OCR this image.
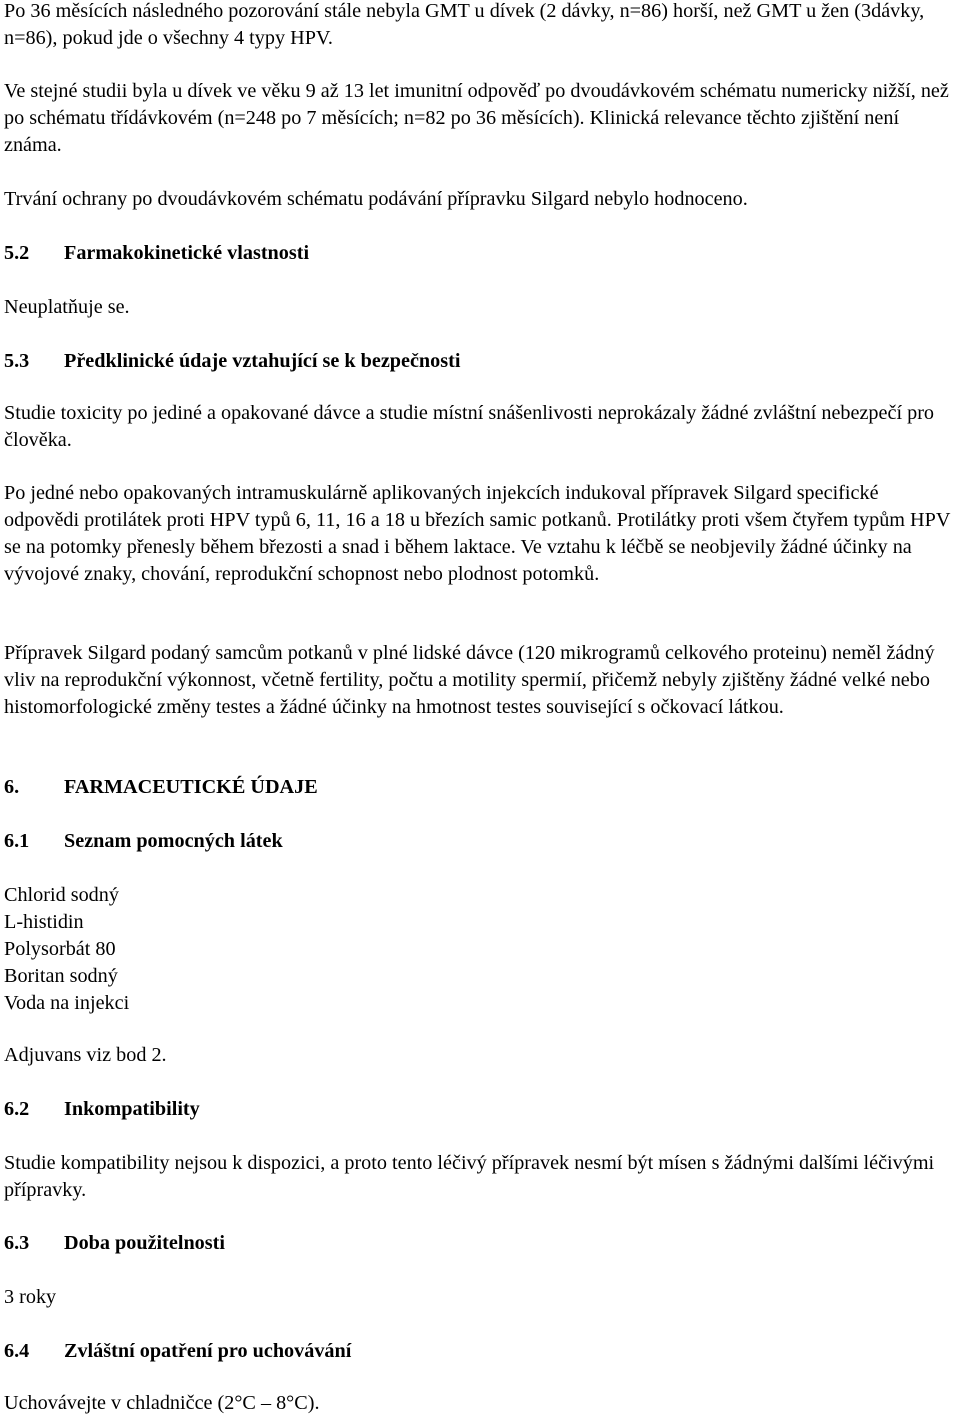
Po 36 měsících následného pozorování stále nebyla GMT u dívek (2 dávky, n=86) horší, než GMT u žen (3dávky, n=86), pokud jde o všechny 4 typy HPV.

Ve stejné studii byla u dívek ve věku 9 až 13 let imunitní odpověď po dvoudávkovém schématu numericky nižší, než po schématu třídávkovém (n=248 po 7 měsících; n=82 po 36 měsících). Klinická relevance těchto zjištění není známa.

Trvání ochrany po dvoudávkovém schématu podávání přípravku Silgard nebylo hodnoceno.

5.2 Farmakokinetické vlastnosti

Neuplatňuje se.

5.3 Předklinické údaje vztahující se k bezpečnosti

Studie toxicity po jediné a opakované dávce a studie místní snášenlivosti neprokázaly žádné zvláštní nebezpečí pro člověka.

Po jedné nebo opakovaných intramuskulárně aplikovaných injekcích indukoval přípravek Silgard specifické odpovědi protilátek proti HPV typů 6, 11, 16 a 18 u březích samic potkanů. Protilátky proti všem čtyřem typům HPV se na potomky přenesly během březosti a snad i během laktace. Ve vztahu k léčbě se neobjevily žádné účinky na vývojové znaky, chování, reprodukční schopnost nebo plodnost potomků.

Přípravek Silgard podaný samcům potkanů v plné lidské dávce (120 mikrogramů celkového proteinu) neměl žádný vliv na reprodukční výkonnost, včetně fertility, počtu a motility spermií, přičemž nebyly zjištěny žádné velké nebo histomorfologické změny testes a žádné účinky na hmotnost testes související s očkovací látkou.

6. FARMACEUTICKÉ ÚDAJE
6.1 Seznam pomocných látek
Chlorid sodný
L-histidin
Polysorbát 80
Boritan sodný
Voda na injekci

Adjuvans viz bod 2.

6.2 Inkompatibility

Studie kompatibility nejsou k dispozici, a proto tento léčivý přípravek nesmí být mísen s žádnými dalšími léčivými přípravky.

6.3 Doba použitelnosti

3 roky

6.4 Zvláštní opatření pro uchovávání

Uchovávejte v chladničce (2°C – 8°C).
